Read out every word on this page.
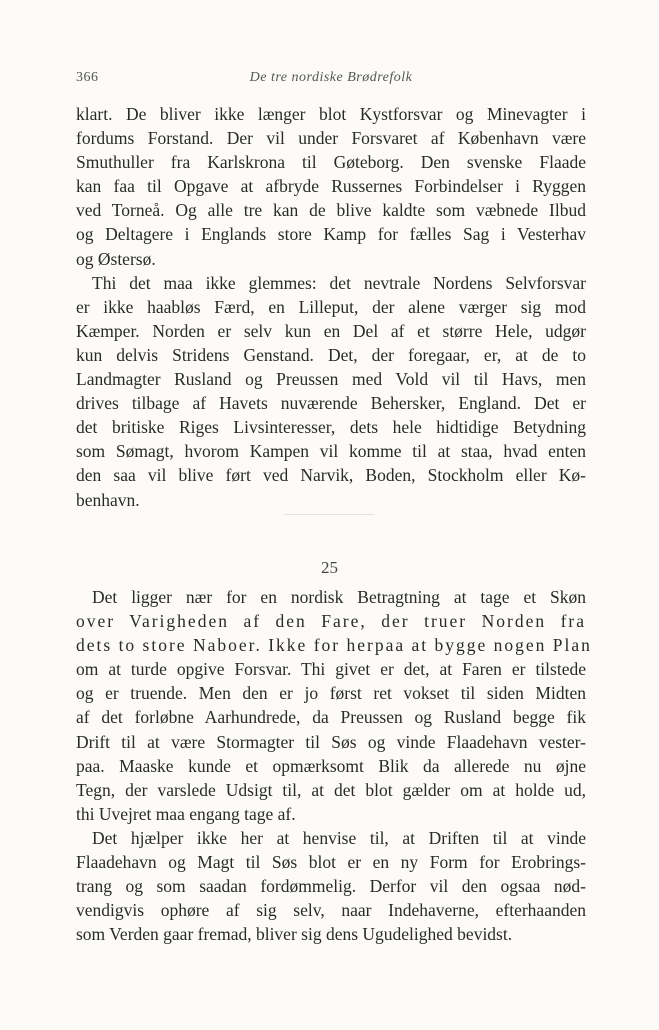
366	De tre nordiske Brødrefolk
klart. De bliver ikke længer blot Kystforsvar og Minevagter i
fordums Forstand. Der vil under Forsvaret af København være
Smuthuller fra Karlskrona til Gøteborg. Den svenske Flaade
kan faa til Opgave at afbryde Russernes Forbindelser i Ryggen
ved Torneå. Og alle tre kan de blive kaldte som væbnede Ilbud
og Deltagere i Englands store Kamp for fælles Sag i Vesterhav
og Østersø.
Thi det maa ikke glemmes: det nevtrale Nordens Selvforsvar
er ikke haabløs Færd, en Lilleput, der alene værger sig mod
Kæmper. Norden er selv kun en Del af et større Hele, udgør
kun delvis Stridens Genstand. Det, der foregaar, er, at de to
Landmagter Rusland og Preussen med Vold vil til Havs, men
drives tilbage af Havets nuværende Behersker, England. Det er
det britiske Riges Livsinteresser, dets hele hidtidige Betydning
som Sømagt, hvorom Kampen vil komme til at staa, hvad enten
den saa vil blive ført ved Narvik, Boden, Stockholm eller Kø-
benhavn.
25
Det ligger nær for en nordisk Betragtning at tage et Skøn
over Varigheden af den Fare, der truer Norden fra
dets to store Naboer. Ikke for herpaa at bygge nogen Plan
om at turde opgive Forsvar. Thi givet er det, at Faren er tilstede
og er truende. Men den er jo først ret vokset til siden Midten
af det forløbne Aarhundrede, da Preussen og Rusland begge fik
Drift til at være Stormagter til Søs og vinde Flaadehavn vester-
paa. Maaske kunde et opmærksomt Blik da allerede nu øjne
Tegn, der varslede Udsigt til, at det blot gælder om at holde ud,
thi Uvejret maa engang tage af.
Det hjælper ikke her at henvise til, at Driften til at vinde
Flaadehavn og Magt til Søs blot er en ny Form for Erobrings-
trang og som saadan fordømmelig. Derfor vil den ogsaa nød-
vendigvis ophøre af sig selv, naar Indehaverne, efterhaanden
som Verden gaar fremad, bliver sig dens Ugudelighed bevidst.
